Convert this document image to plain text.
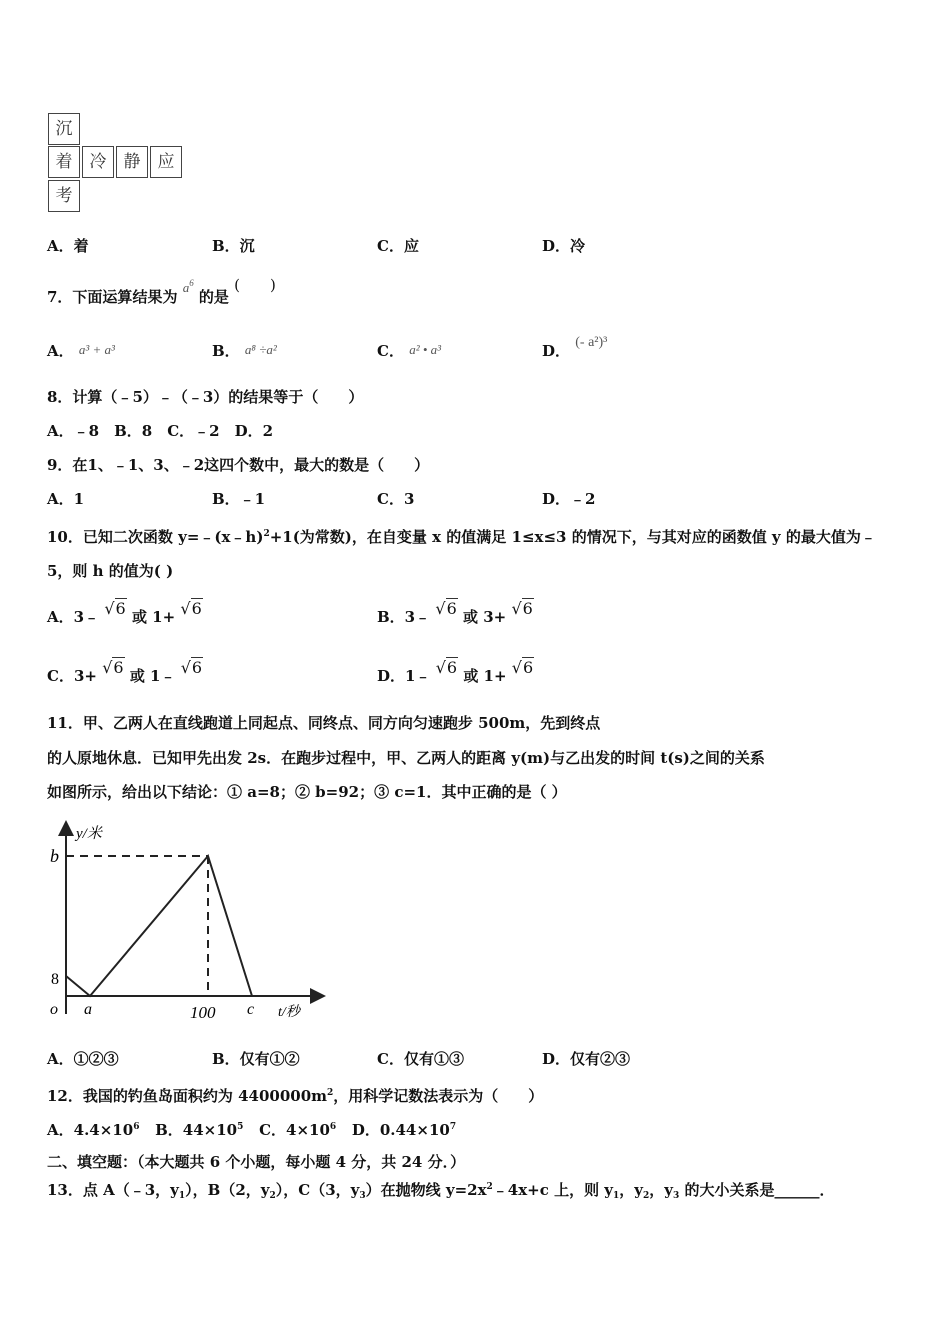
沉
着	冷	静	应
考
A．着	B．沉	C．应	D．冷
7．下面运算结果为 $a^6$ 的是 (　　)
A． a³ + a³	B． a⁸ ÷a²	C． a² • a³	D． (- a²)³
8．计算（﹣5）﹣（﹣3）的结果等于（　　）
A．﹣8　B．8　C．﹣2　D．2
9．在1、﹣1、3、﹣2这四个数中，最大的数是（　　）
A．1	B．﹣1	C．3	D．﹣2
10．已知二次函数 y=﹣(x﹣h)$^2$+1(为常数)，在自变量 x 的值满足 1≤x≤3 的情况下，与其对应的函数值 y 的最大值为﹣
5，则 h 的值为( )
A．3﹣ √6 或 1+ √6	B．3﹣ √6 或 3+ √6
C．3+ √6 或 1﹣ √6	D．1﹣ √6 或 1+ √6
11．甲、乙两人在直线跑道上同起点、同终点、同方向匀速跑步 500m，先到终点
的人原地休息．已知甲先出发 2s．在跑步过程中，甲、乙两人的距离 y(m)与乙出发的时间 t(s)之间的关系
如图所示，给出以下结论：① a=8；② b=92；③ c=1．其中正确的是（ ）
y/米
b
8
o a	100 c t/秒
A．①②③	B．仅有①②	C．仅有①③	D．仅有②③
12．我国的钓鱼岛面积约为 $4400000m^2$，用科学记数法表示为（　　）
A．$4.4\times 10^6$ B．$44\times 10^5$ C．$4\times 10^6$ D．$0.44\times 10^7$
二、填空题：（本大题共 6 个小题，每小题 4 分，共 24 分．）
13．点 A（﹣3，$y_1$），B（2，$y_2$），C（3，$y_3$）在抛物线 $y=2x^2﹣4x+c$ 上，则 $y_1$，$y_2$，$y_3$ 的大小关系是______．
